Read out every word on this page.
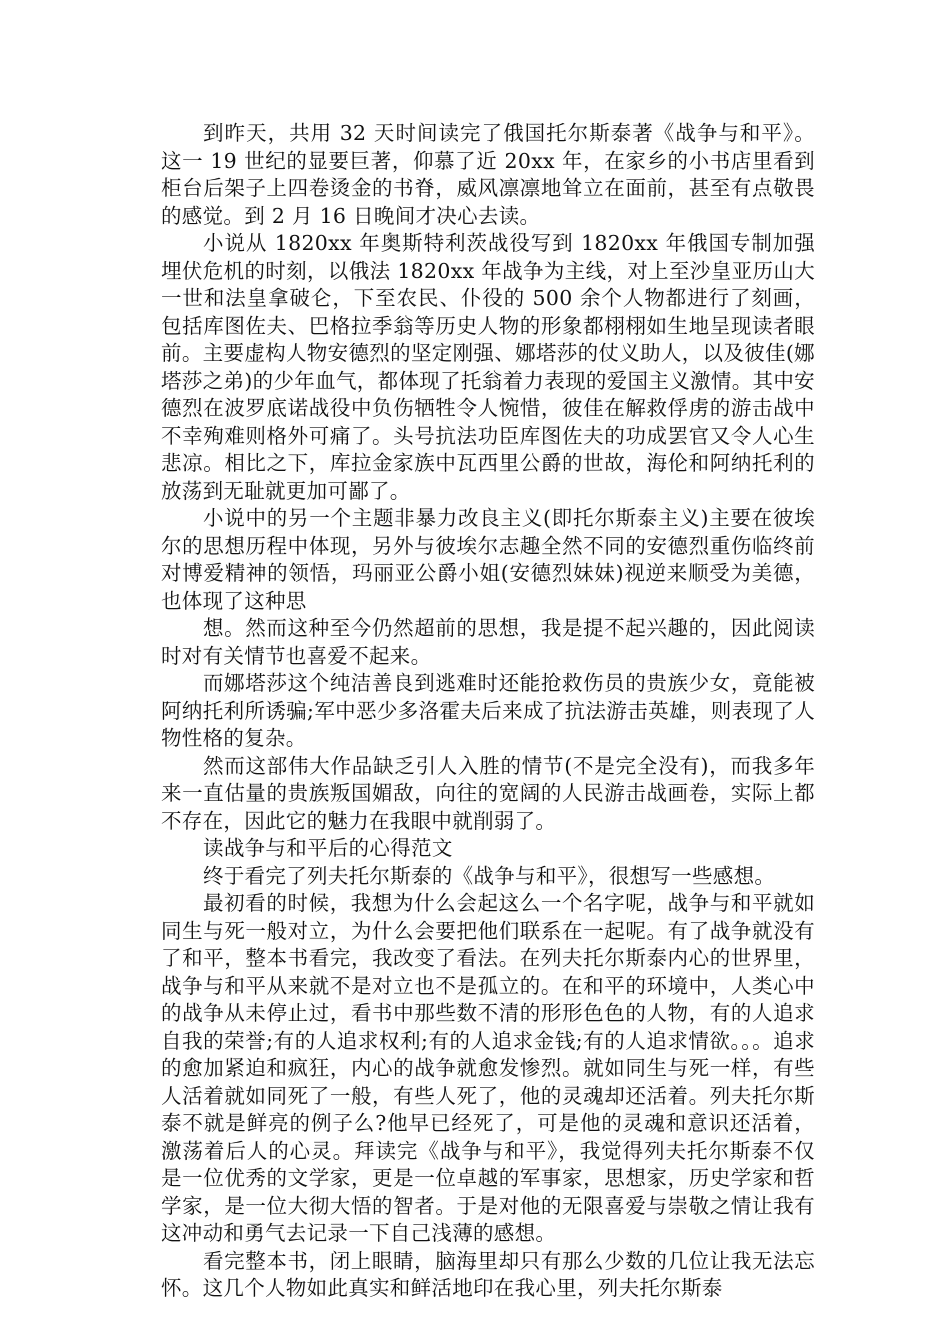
到昨天，共用 32 天时间读完了俄国托尔斯泰著《战争与和平》。这一 19 世纪的显要巨著，仰慕了近 20xx 年，在家乡的小书店里看到柜台后架子上四卷烫金的书脊，威风凛凛地耸立在面前，甚至有点敬畏的感觉。到 2 月 16 日晚间才决心去读。

小说从 1820xx 年奥斯特利茨战役写到 1820xx 年俄国专制加强埋伏危机的时刻，以俄法 1820xx 年战争为主线，对上至沙皇亚历山大一世和法皇拿破仑，下至农民、仆役的 500 余个人物都进行了刻画，包括库图佐夫、巴格拉季翁等历史人物的形象都栩栩如生地呈现读者眼前。主要虚构人物安德烈的坚定刚强、娜塔莎的仗义助人，以及彼佳(娜塔莎之弟)的少年血气，都体现了托翁着力表现的爱国主义激情。其中安德烈在波罗底诺战役中负伤牺牲令人惋惜，彼佳在解救俘虏的游击战中不幸殉难则格外可痛了。头号抗法功臣库图佐夫的功成罢官又令人心生悲凉。相比之下，库拉金家族中瓦西里公爵的世故，海伦和阿纳托利的放荡到无耻就更加可鄙了。

小说中的另一个主题非暴力改良主义(即托尔斯泰主义)主要在彼埃尔的思想历程中体现，另外与彼埃尔志趣全然不同的安德烈重伤临终前对博爱精神的领悟，玛丽亚公爵小姐(安德烈妹妹)视逆来顺受为美德，也体现了这种思

想。然而这种至今仍然超前的思想，我是提不起兴趣的，因此阅读时对有关情节也喜爱不起来。

而娜塔莎这个纯洁善良到逃难时还能抢救伤员的贵族少女，竟能被阿纳托利所诱骗;军中恶少多洛霍夫后来成了抗法游击英雄，则表现了人物性格的复杂。

然而这部伟大作品缺乏引人入胜的情节(不是完全没有)，而我多年来一直估量的贵族叛国媚敌，向往的宽阔的人民游击战画卷，实际上都不存在，因此它的魅力在我眼中就削弱了。

读战争与和平后的心得范文

终于看完了列夫托尔斯泰的《战争与和平》，很想写一些感想。

最初看的时候，我想为什么会起这么一个名字呢，战争与和平就如同生与死一般对立，为什么会要把他们联系在一起呢。有了战争就没有了和平，整本书看完，我改变了看法。在列夫托尔斯泰内心的世界里，战争与和平从来就不是对立也不是孤立的。在和平的环境中，人类心中的战争从未停止过，看书中那些数不清的形形色色的人物，有的人追求自我的荣誉;有的人追求权利;有的人追求金钱;有的人追求情欲。。。追求的愈加紧迫和疯狂，内心的战争就愈发惨烈。就如同生与死一样，有些人活着就如同死了一般，有些人死了，他的灵魂却还活着。列夫托尔斯泰不就是鲜亮的例子么?他早已经死了，可是他的灵魂和意识还活着，激荡着后人的心灵。拜读完《战争与和平》，我觉得列夫托尔斯泰不仅是一位优秀的文学家，更是一位卓越的军事家，思想家，历史学家和哲学家，是一位大彻大悟的智者。于是对他的无限喜爱与崇敬之情让我有这冲动和勇气去记录一下自己浅薄的感想。

看完整本书，闭上眼睛，脑海里却只有那么少数的几位让我无法忘怀。这几个人物如此真实和鲜活地印在我心里，列夫托尔斯泰
